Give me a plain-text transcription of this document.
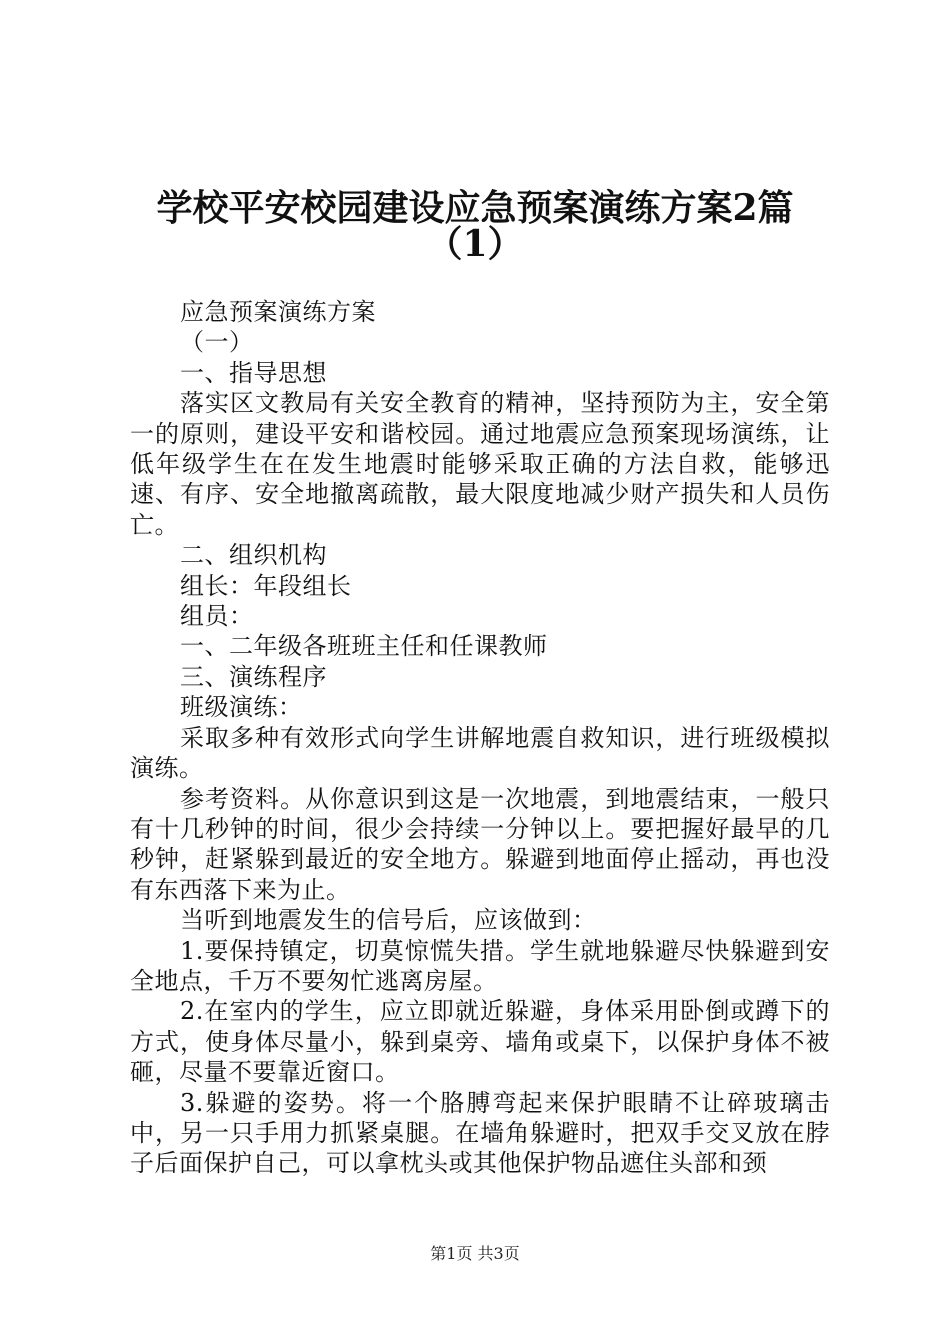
学校平安校园建设应急预案演练方案2篇
（1）

应急预案演练方案

（一）

一、指导思想

落实区文教局有关安全教育的精神，坚持预防为主，安全第一的原则，建设平安和谐校园。通过地震应急预案现场演练，让低年级学生在在发生地震时能够采取正确的方法自救，能够迅速、有序、安全地撤离疏散，最大限度地减少财产损失和人员伤亡。

二、组织机构

组长：年段组长

组员：

一、二年级各班班主任和任课教师

三、演练程序

班级演练：

采取多种有效形式向学生讲解地震自救知识，进行班级模拟演练。

参考资料。从你意识到这是一次地震，到地震结束，一般只有十几秒钟的时间，很少会持续一分钟以上。要把握好最早的几秒钟，赶紧躲到最近的安全地方。躲避到地面停止摇动，再也没有东西落下来为止。

当听到地震发生的信号后，应该做到：

1.要保持镇定，切莫惊慌失措。学生就地躲避尽快躲避到安全地点，千万不要匆忙逃离房屋。

2.在室内的学生，应立即就近躲避，身体采用卧倒或蹲下的方式，使身体尽量小，躲到桌旁、墙角或桌下，以保护身体不被砸，尽量不要靠近窗口。

3.躲避的姿势。将一个胳膊弯起来保护眼睛不让碎玻璃击中，另一只手用力抓紧桌腿。在墙角躲避时，把双手交叉放在脖子后面保护自己，可以拿枕头或其他保护物品遮住头部和颈

第1页 共3页
